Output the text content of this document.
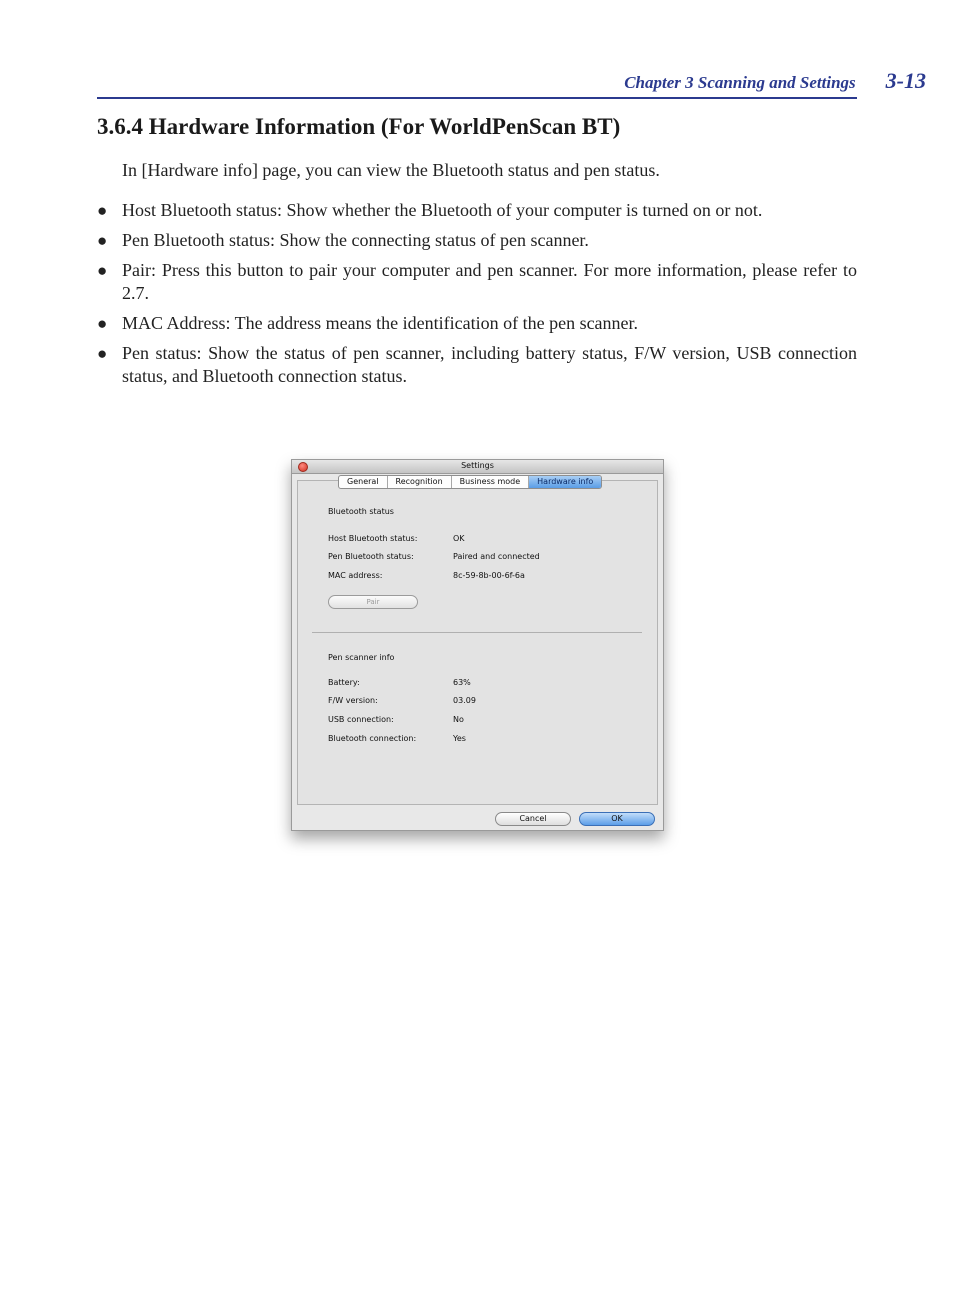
Chapter 3 Scanning and Settings 3-13
3.6.4 Hardware Information (For WorldPenScan BT)

In [Hardware info] page, you can view the Bluetooth status and pen status.

● Host Bluetooth status: Show whether the Bluetooth of your computer is turned on or not.
● Pen Bluetooth status: Show the connecting status of pen scanner.
● Pair: Press this button to pair your computer and pen scanner. For more information, please refer to 2.7.
● MAC Address: The address means the identification of the pen scanner.
● Pen status: Show the status of pen scanner, including battery status, F/W version, USB connection status, and Bluetooth connection status.
Settings
Bluetooth status
Host Bluetooth status:	OK
Pen Bluetooth status:	Paired and connected
MAC address:	8c-59-8b-00-6f-6a
Pair
Pen scanner info
Battery:	63%
F/W version:	03.09
USB connection:	No
Bluetooth connection:	Yes
General	Recognition	Business mode	Hardware info
Cancel	OK
